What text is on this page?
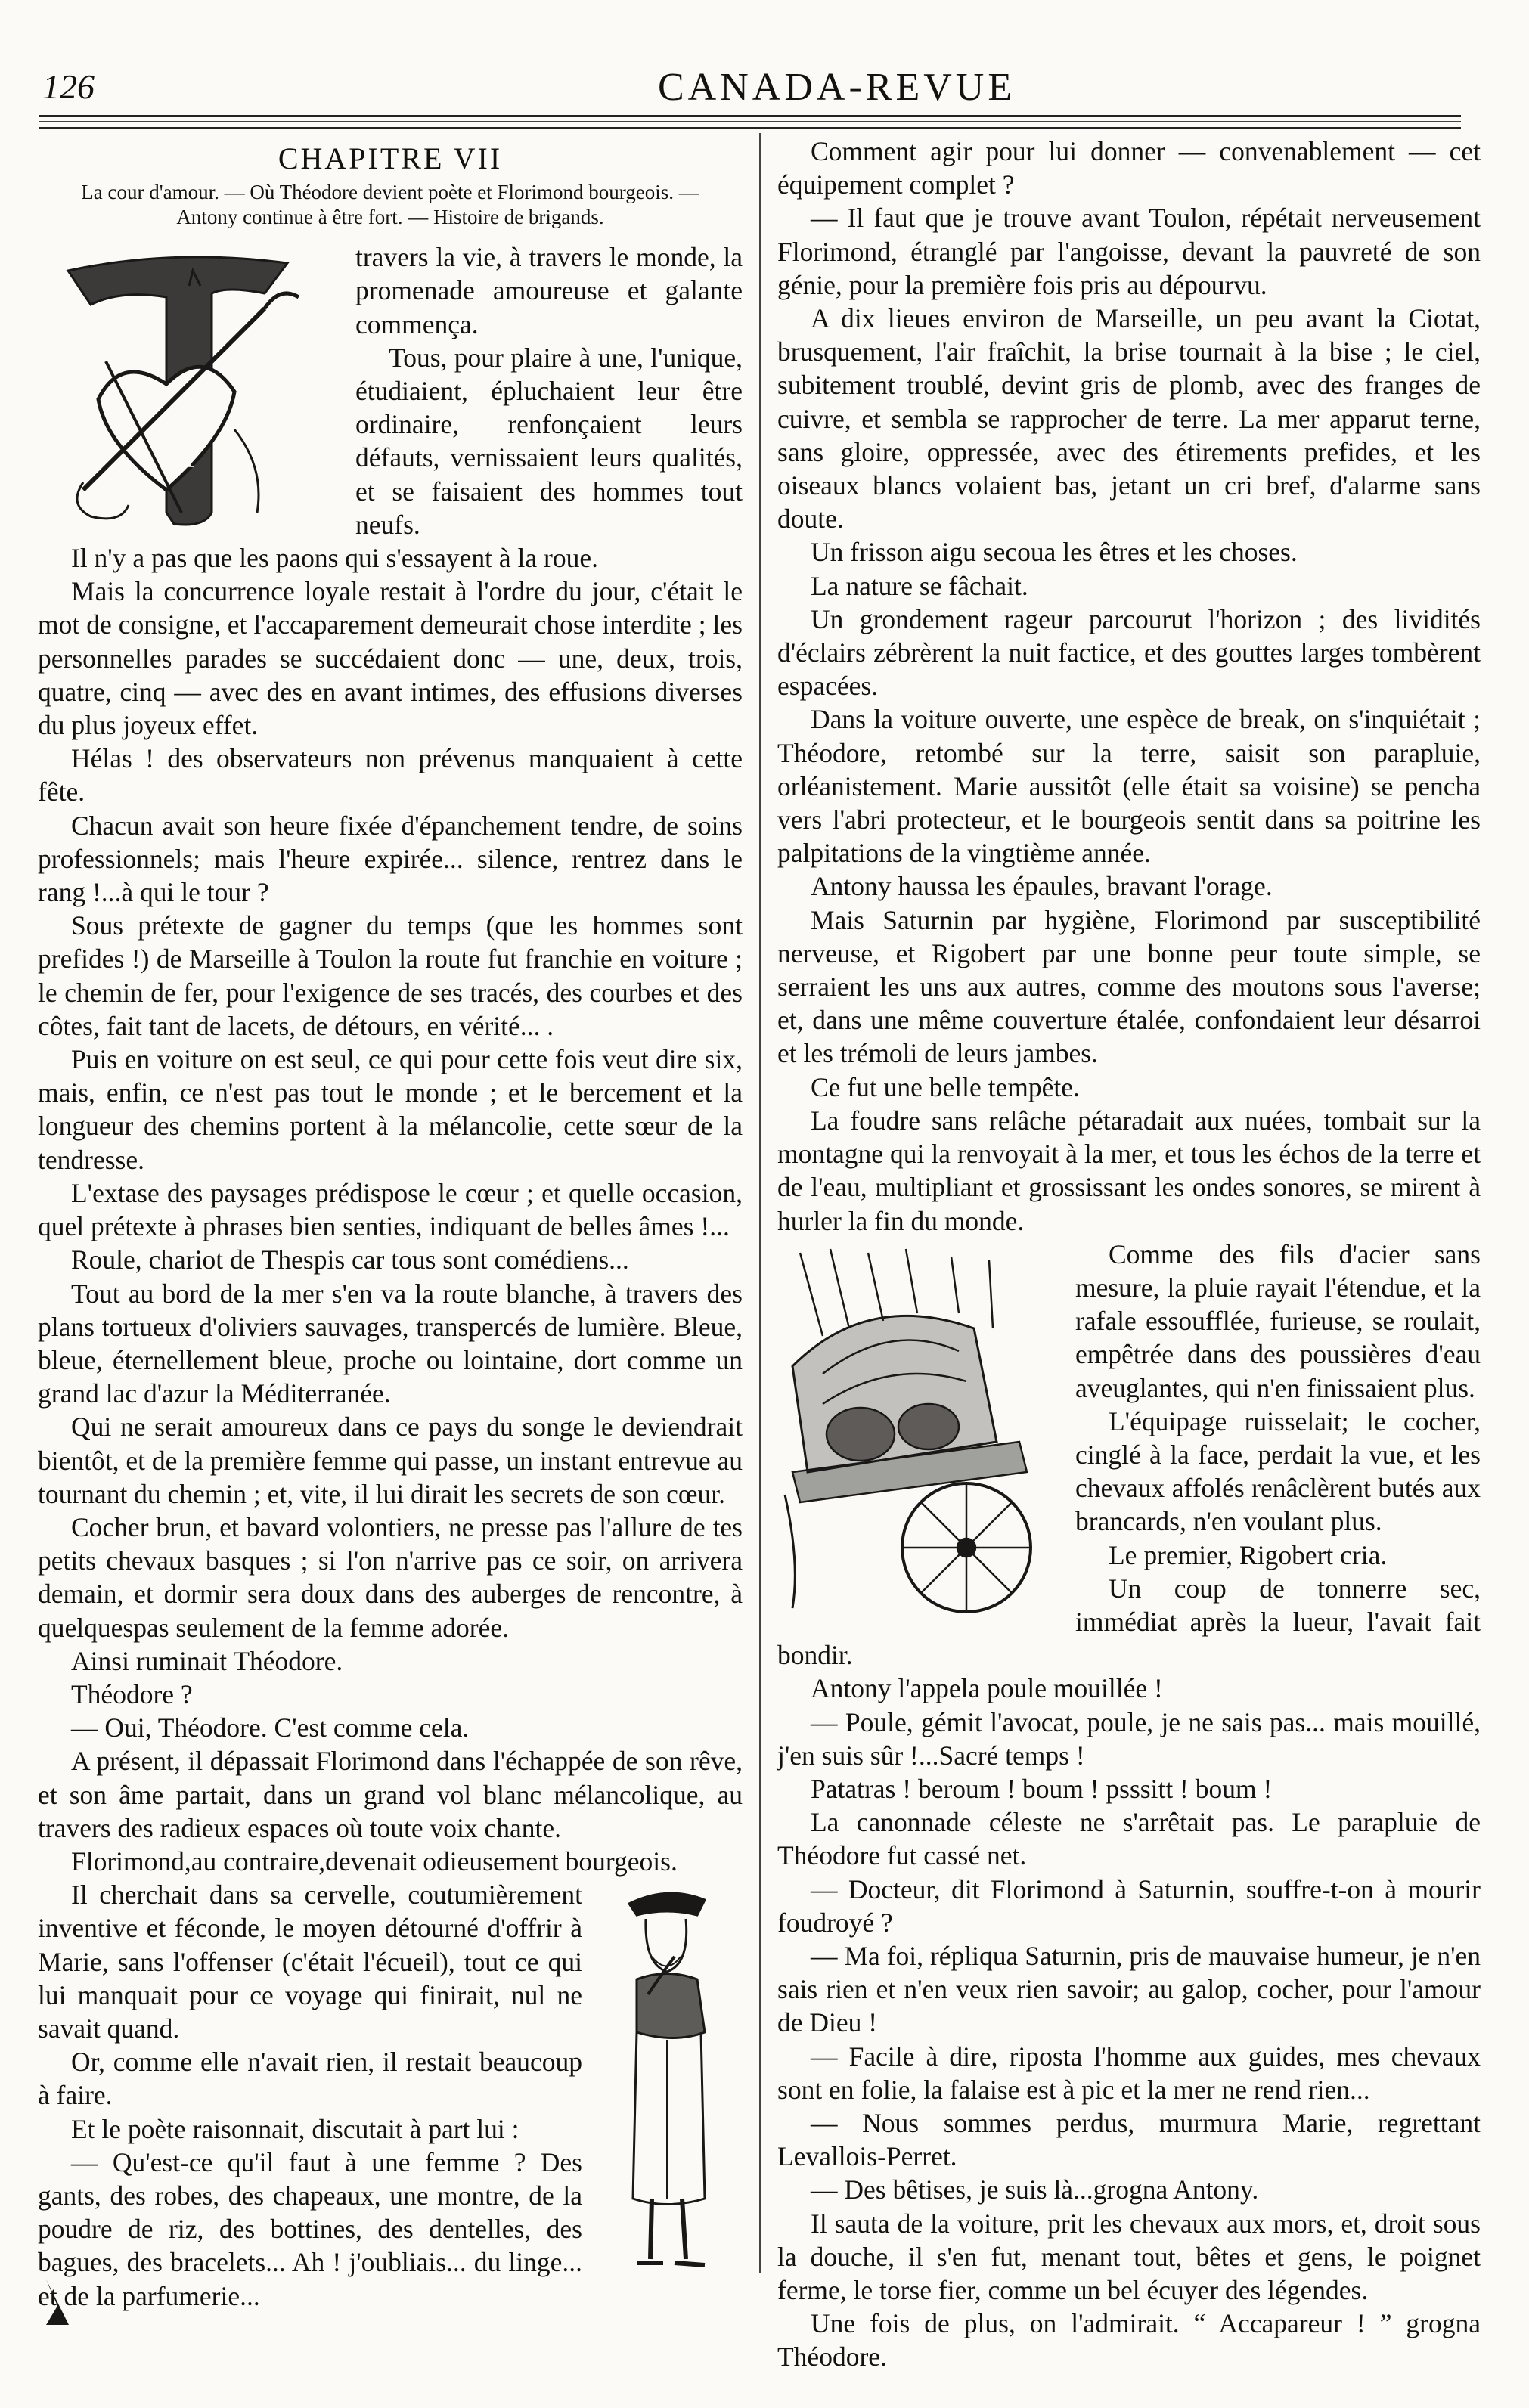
126	CANADA-REVUE
CHAPITRE VII
La cour d'amour. — Où Théodore devient poète et Florimond bourgeois. — Antony continue à être fort. — Histoire de brigands.
T

travers la vie, à travers le monde, la promenade amoureuse et galante commença.

Tous, pour plaire à une, l'unique, étudiaient, épluchaient leur être ordinaire, renfonçaient leurs défauts, vernissaient leurs qualités, et se faisaient des hommes tout neufs.

Il n'y a pas que les paons qui s'essayent à la roue.

Mais la concurrence loyale restait à l'ordre du jour, c'était le mot de consigne, et l'accaparement demeurait chose interdite ; les personnelles parades se succédaient donc — une, deux, trois, quatre, cinq — avec des en avant intimes, des effusions diverses du plus joyeux effet.

Hélas ! des observateurs non prévenus manquaient à cette fête.

Chacun avait son heure fixée d'épanchement tendre, de soins professionnels; mais l'heure expirée... silence, rentrez dans le rang !...à qui le tour ?

Sous prétexte de gagner du temps (que les hommes sont prefides !) de Marseille à Toulon la route fut franchie en voiture ; le chemin de fer, pour l'exigence de ses tracés, des courbes et des côtes, fait tant de lacets, de détours, en vérité... .

Puis en voiture on est seul, ce qui pour cette fois veut dire six, mais, enfin, ce n'est pas tout le monde ; et le bercement et la longueur des chemins portent à la mélancolie, cette sœur de la tendresse.

L'extase des paysages prédispose le cœur ; et quelle occasion, quel prétexte à phrases bien senties, indiquant de belles âmes !...

Roule, chariot de Thespis car tous sont comédiens...

Tout au bord de la mer s'en va la route blanche, à travers des plans tortueux d'oliviers sauvages, transpercés de lumière. Bleue, bleue, éternellement bleue, proche ou lointaine, dort comme un grand lac d'azur la Méditerranée.

Qui ne serait amoureux dans ce pays du songe le deviendrait bientôt, et de la première femme qui passe, un instant entrevue au tournant du chemin ; et, vite, il lui dirait les secrets de son cœur.

Cocher brun, et bavard volontiers, ne presse pas l'allure de tes petits chevaux basques ; si l'on n'arrive pas ce soir, on arrivera demain, et dormir sera doux dans des auberges de rencontre, à quelquespas seulement de la femme adorée.

Ainsi ruminait Théodore.

Théodore ?

— Oui, Théodore. C'est comme cela.

A présent, il dépassait Florimond dans l'échappée de son rêve, et son âme partait, dans un grand vol blanc mélancolique, au travers des radieux espaces où toute voix chante.

Florimond,au contraire,devenait odieusement bourgeois.

Il cherchait dans sa cervelle, coutumièrement inventive et féconde, le moyen détourné d'offrir à Marie, sans l'offenser (c'était l'écueil), tout ce qui lui manquait pour ce voyage qui finirait, nul ne savait quand.

Or, comme elle n'avait rien, il restait beaucoup à faire.

Et le poète raisonnait, discutait à part lui :

— Qu'est-ce qu'il faut à une femme ? Des gants, des robes, des chapeaux, une montre, de la poudre de riz, des bottines, des dentelles, des bagues, des bracelets... Ah ! j'oubliais... du linge... et de la parfumerie...

Comment agir pour lui donner — convenablement — cet équipement complet ?

— Il faut que je trouve avant Toulon, répétait nerveusement Florimond, étranglé par l'angoisse, devant la pauvreté de son génie, pour la première fois pris au dépourvu.

A dix lieues environ de Marseille, un peu avant la Ciotat, brusquement, l'air fraîchit, la brise tournait à la bise ; le ciel, subitement troublé, devint gris de plomb, avec des franges de cuivre, et sembla se rapprocher de terre. La mer apparut terne, sans gloire, oppressée, avec des étirements prefides, et les oiseaux blancs volaient bas, jetant un cri bref, d'alarme sans doute.

Un frisson aigu secoua les êtres et les choses.

La nature se fâchait.

Un grondement rageur parcourut l'horizon ; des lividités d'éclairs zébrèrent la nuit factice, et des gouttes larges tombèrent espacées.

Dans la voiture ouverte, une espèce de break, on s'inquiétait ; Théodore, retombé sur la terre, saisit son parapluie, orléanistement. Marie aussitôt (elle était sa voisine) se pencha vers l'abri protecteur, et le bourgeois sentit dans sa poitrine les palpitations de la vingtième année.

Antony haussa les épaules, bravant l'orage.

Mais Saturnin par hygiène, Florimond par susceptibilité nerveuse, et Rigobert par une bonne peur toute simple, se serraient les uns aux autres, comme des moutons sous l'averse; et, dans une même couverture étalée, confondaient leur désarroi et les trémoli de leurs jambes.

Ce fut une belle tempête.

La foudre sans relâche pétaradait aux nuées, tombait sur la montagne qui la renvoyait à la mer, et tous les échos de la terre et de l'eau, multipliant et grossissant les ondes sonores, se mirent à hurler la fin du monde.

Comme des fils d'acier sans mesure, la pluie rayait l'étendue, et la rafale essoufflée, furieuse, se roulait, empêtrée dans des poussières d'eau aveuglantes, qui n'en finissaient plus.

L'équipage ruisselait; le cocher, cinglé à la face, perdait la vue, et les chevaux affolés renâclèrent butés aux brancards, n'en voulant plus.

Le premier, Rigobert cria.

Un coup de tonnerre sec, immédiat après la lueur, l'avait fait bondir.

Antony l'appela poule mouillée !

— Poule, gémit l'avocat, poule, je ne sais pas... mais mouillé, j'en suis sûr !...Sacré temps !

Patatras ! beroum ! boum ! psssitt ! boum !

La canonnade céleste ne s'arrêtait pas. Le parapluie de Théodore fut cassé net.

— Docteur, dit Florimond à Saturnin, souffre-t-on à mourir foudroyé ?

— Ma foi, répliqua Saturnin, pris de mauvaise humeur, je n'en sais rien et n'en veux rien savoir; au galop, cocher, pour l'amour de Dieu !

— Facile à dire, riposta l'homme aux guides, mes chevaux sont en folie, la falaise est à pic et la mer ne rend rien...

— Nous sommes perdus, murmura Marie, regrettant Levallois-Perret.

— Des bêtises, je suis là...grogna Antony.

Il sauta de la voiture, prit les chevaux aux mors, et, droit sous la douche, il s'en fut, menant tout, bêtes et gens, le poignet ferme, le torse fier, comme un bel écuyer des légendes.

Une fois de plus, on l'admirait. “ Accapareur ! ” grogna Théodore.
